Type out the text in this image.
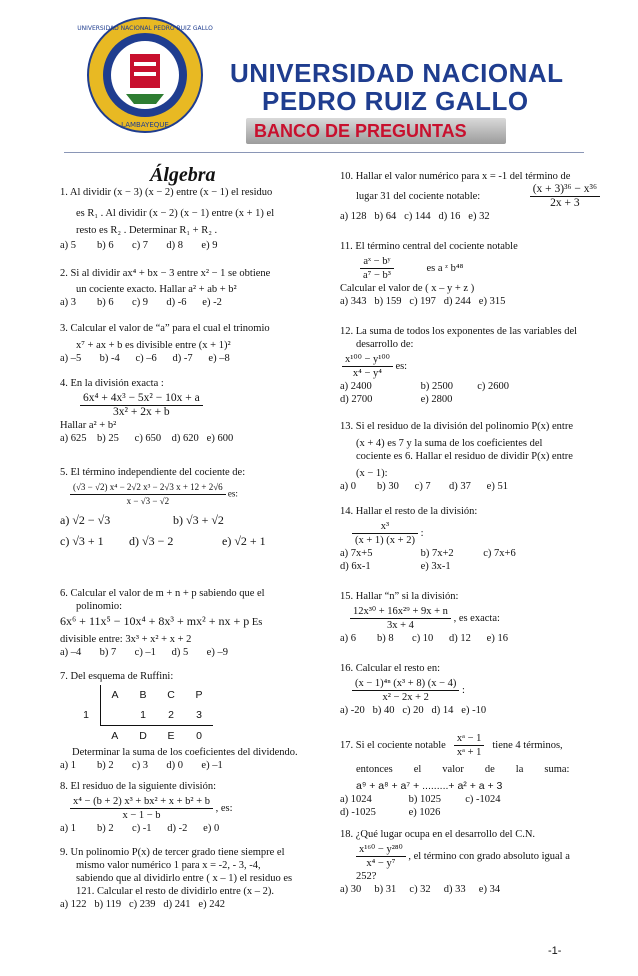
UNIVERSIDAD NACIONAL PEDRO RUIZ GALLO
LAMBAYEQUE
UNIVERSIDAD NACIONAL
PEDRO RUIZ GALLO
BANCO DE PREGUNTAS
Álgebra
1. Al dividir (x − 3) (x − 2) entre (x − 1) el residuo
es R₁ . Al dividir (x − 2) (x − 1) entre (x + 1) el
resto es R₂ . Determinar R₁ + R₂ .
a) 5        b) 6       c) 7       d) 8       e) 9
2. Si al dividir ax⁴ + bx − 3 entre x² − 1 se obtiene
un cociente exacto. Hallar a² + ab + b²
a) 3        b) 6       c) 9       d) -6      e) -2
3. Calcular el valor de “a” para el cual el trinomio
x⁷ + ax + b es divisible entre (x + 1)²
a) –5       b) -4      c) –6      d) -7      e) –8
4. En la división exacta :
$\frac{\text{6x⁴ + 4x³ − 5x² − 10x + a}}{\text{3x² + 2x + b}}$
Hallar a² + b²
a) 625    b) 25      c) 650    d) 620   e) 600
5. El término independiente del cociente de:
$\frac{\text{(√3 − √2) x⁴ − 2√2 x³ − 2√3 x + 12 + 2√6}}{x - √3 - √2}$ es:
a) √2 − √3	b) √3 + √2
c) √3 + 1 d) √3 − 2	e) √2 + 1
6. Calcular el valor de m + n + p sabiendo que el
polinomio:
6x⁶ + 11x⁵ − 10x⁴ + 8x³ + mx² + nx + p Es
divisible entre: 3x³ + x² + x + 2
a) –4       b) 7       c) –1      d) 5       e) –9
7. Del esquema de Ruffini:
	A	B	C	P
1		1	2	3
	A	D	E	0
Determinar la suma de los coeficientes del dividendo.
a) 1        b) 2       c) 3       d) 0       e) –1
8. El residuo de la siguiente división:
$\frac{\text{x⁴ − (b + 2) x³ + bx² + x + b² + b}}{x - 1 - b}$ , es:
a) 1        b) 2       c) -1      d) -2      e) 0
9. Un polinomio P(x) de tercer grado tiene siempre el
mismo valor numérico 1 para x = -2, - 3, -4,
sabiendo que al dividirlo entre ( x – 1) el residuo es
121. Calcular el resto de dividirlo entre (x – 2).
a) 122   b) 119   c) 239   d) 241   e) 242
10. Hallar el valor numérico para x = -1 del término de
lugar 31 del cociente notable:	$\frac{\text{(x + 3)³⁶ − x³⁶}}{2x + 3}$
a) 128   b) 64   c) 144   d) 16   e) 32
11. El término central del cociente notable
$\frac{\text{aˣ − bʸ}}{\text{a⁷ − b³}}$	es a ᶻ b⁴⁸
Calcular el valor de ( x – y + z )
a) 343   b) 159   c) 197   d) 244   e) 315
12. La suma de todos los exponentes de las variables del
desarrollo de:
$\frac{\text{x¹⁰⁰ − y¹⁰⁰}}{\text{x⁴ − y⁴}}$ es:
a) 2400	b) 2500 c) 2600
d) 2700	e) 2800
13. Si el residuo de la división del polinomio P(x) entre
(x + 4) es 7 y la suma de los coeficientes del
cociente es 6. Hallar el residuo de dividir P(x) entre
(x − 1):
a) 0        b) 30      c) 7       d) 37      e) 51
14. Hallar el resto de la división:
$\frac{\text{x³}}{(x + 1) (x + 2)}$ :
a) 7x+5	b) 7x+2	c) 7x+6
d) 6x-1	e) 3x-1
15. Hallar “n” si la división:
$\frac{\text{12x³⁰ + 16x²⁹ + 9x + n}}{3x + 4}$ , es exacta:
a) 6        b) 8       c) 10      d) 12      e) 16
16. Calcular el resto en:
$\frac{\text{(x − 1)⁴ⁿ (x³ + 8) (x − 4)}}{\text{x² − 2x + 2}}$ :
a) -20   b) 40   c) 20   d) 14   e) -10
17. Si el cociente notable $\frac{\text{xᵃ − 1}}{\text{xᵃ + 1}}$ tiene 4 términos,
entonces        el        valor        de        la        suma:
a⁹ + a⁸ + a⁷ + .........+ a² + a + 3
a) 1024	b) 1025 c) -1024
d) -1025	e) 1026
18. ¿Qué lugar ocupa en el desarrollo del C.N.
$\frac{\text{x¹⁶⁰ − y²⁸⁰}}{\text{x⁴ − y⁷}}$ , el término con grado absoluto igual a
252?
a) 30     b) 31     c) 32     d) 33     e) 34
-1-
